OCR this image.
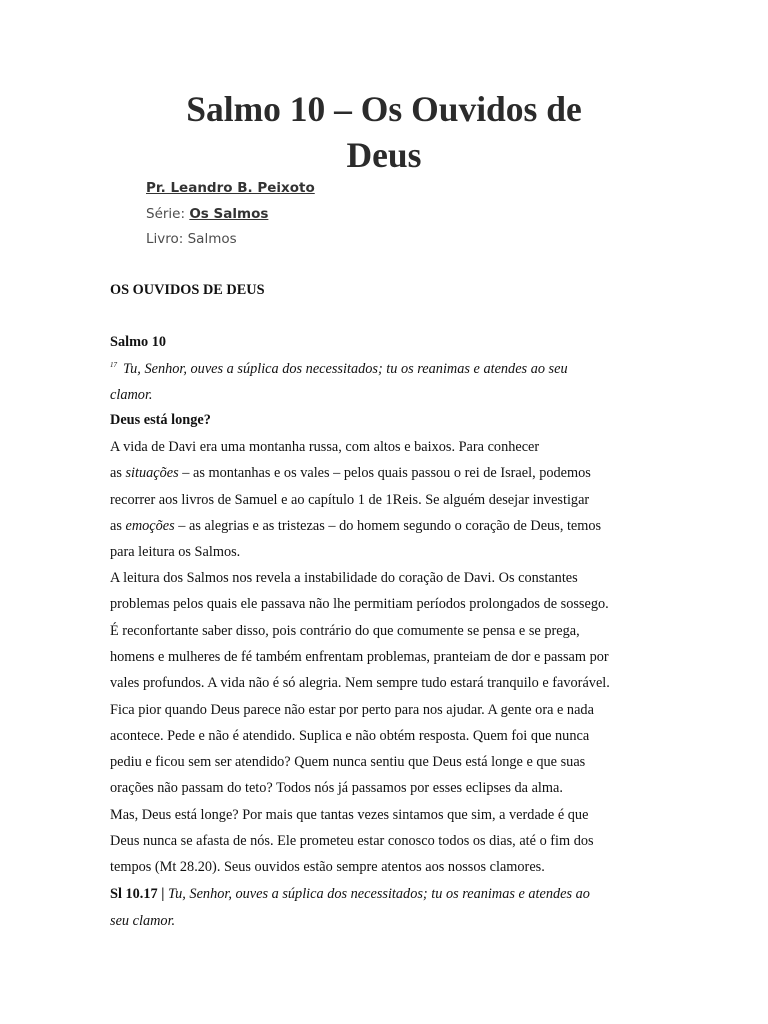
Salmo 10 – Os Ouvidos de
Deus

Pr. Leandro B. Peixoto

Série: Os Salmos

Livro: Salmos

OS OUVIDOS DE DEUS

Salmo 10

$^{17}$ Tu, Senhor, ouves a súplica dos necessitados; tu os reanimas e atendes ao seu

clamor.

Deus está longe?

A vida de Davi era uma montanha russa, com altos e baixos. Para conhecer

as situações – as montanhas e os vales – pelos quais passou o rei de Israel, podemos

recorrer aos livros de Samuel e ao capítulo 1 de 1Reis. Se alguém desejar investigar

as emoções – as alegrias e as tristezas – do homem segundo o coração de Deus, temos

para leitura os Salmos.

A leitura dos Salmos nos revela a instabilidade do coração de Davi. Os constantes

problemas pelos quais ele passava não lhe permitiam períodos prolongados de sossego.

É reconfortante saber disso, pois contrário do que comumente se pensa e se prega,

homens e mulheres de fé também enfrentam problemas, pranteiam de dor e passam por

vales profundos. A vida não é só alegria. Nem sempre tudo estará tranquilo e favorável.

Fica pior quando Deus parece não estar por perto para nos ajudar. A gente ora e nada

acontece. Pede e não é atendido. Suplica e não obtém resposta. Quem foi que nunca

pediu e ficou sem ser atendido? Quem nunca sentiu que Deus está longe e que suas

orações não passam do teto? Todos nós já passamos por esses eclipses da alma.

Mas, Deus está longe? Por mais que tantas vezes sintamos que sim, a verdade é que

Deus nunca se afasta de nós. Ele prometeu estar conosco todos os dias, até o fim dos

tempos (Mt 28.20). Seus ouvidos estão sempre atentos aos nossos clamores.

Sl 10.17 | Tu, Senhor, ouves a súplica dos necessitados; tu os reanimas e atendes ao

seu clamor.
